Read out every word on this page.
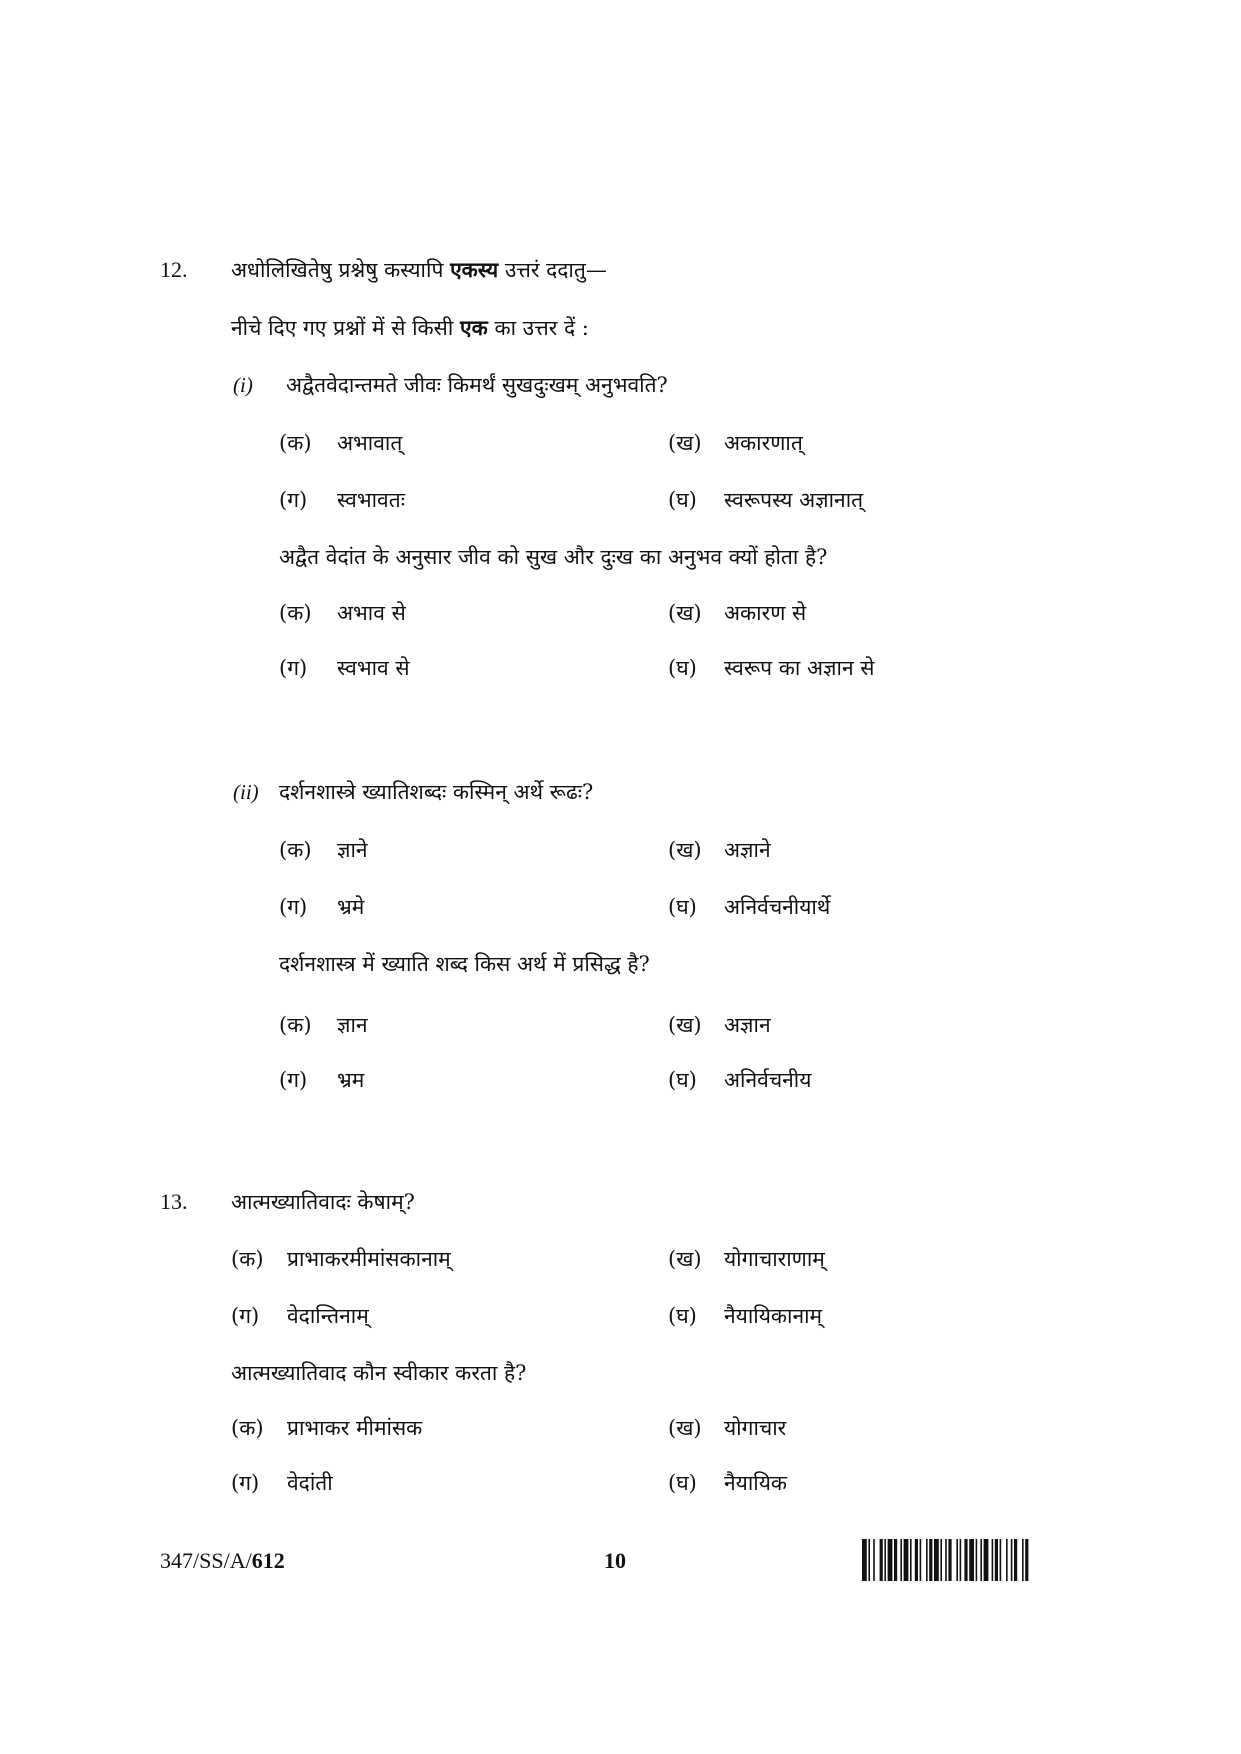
12. अधोलिखितेषु प्रश्नेषु कस्यापि एकस्य उत्तरं ददातु—
नीचे दिए गए प्रश्नों में से किसी एक का उत्तर दें :
(i) अद्वैतवेदान्तमते जीवः किमर्थं सुखदुःखम् अनुभवति?
(क) अभावात्	(ख) अकारणात्
(ग) स्वभावतः	(घ) स्वरूपस्य अज्ञानात्
अद्वैत वेदांत के अनुसार जीव को सुख और दुःख का अनुभव क्यों होता है?
(क) अभाव से	(ख) अकारण से
(ग) स्वभाव से	(घ) स्वरूप का अज्ञान से
(ii) दर्शनशास्त्रे ख्यातिशब्दः कस्मिन् अर्थे रूढः?
(क) ज्ञाने	(ख) अज्ञाने
(ग) भ्रमे	(घ) अनिर्वचनीयार्थे
दर्शनशास्त्र में ख्याति शब्द किस अर्थ में प्रसिद्ध है?
(क) ज्ञान	(ख) अज्ञान
(ग) भ्रम	(घ) अनिर्वचनीय
13. आत्मख्यातिवादः केषाम्?
(क) प्राभाकरमीमांसकानाम्	(ख) योगाचाराणाम्
(ग) वेदान्तिनाम्	(घ) नैयायिकानाम्
आत्मख्यातिवाद कौन स्वीकार करता है?
(क) प्राभाकर मीमांसक	(ख) योगाचार
(ग) वेदांती	(घ) नैयायिक
347/SS/A/612	10
